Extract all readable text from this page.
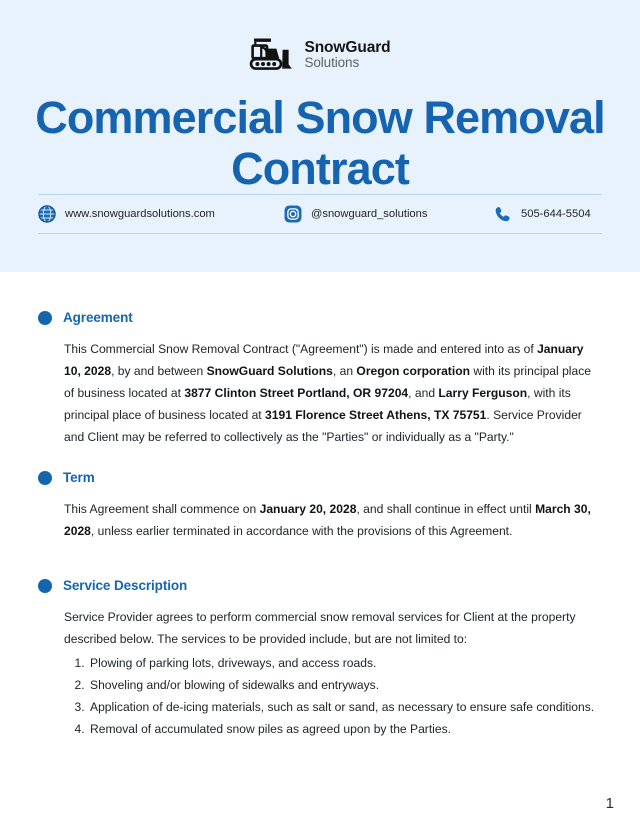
SnowGuard
Solutions
Commercial Snow Removal Contract
www.snowguardsolutions.com	@snowguard_solutions	505-644-5504
Agreement
This Commercial Snow Removal Contract ("Agreement") is made and entered into as of January 10, 2028, by and between SnowGuard Solutions, an Oregon corporation with its principal place of business located at 3877 Clinton Street Portland, OR 97204, and Larry Ferguson, with its principal place of business located at 3191 Florence Street Athens, TX 75751. Service Provider and Client may be referred to collectively as the "Parties" or individually as a "Party."
Term
This Agreement shall commence on January 20, 2028, and shall continue in effect until March 30, 2028, unless earlier terminated in accordance with the provisions of this Agreement.
Service Description
Service Provider agrees to perform commercial snow removal services for Client at the property described below. The services to be provided include, but are not limited to:
1. Plowing of parking lots, driveways, and access roads.
2. Shoveling and/or blowing of sidewalks and entryways.
3. Application of de-icing materials, such as salt or sand, as necessary to ensure safe conditions.
4. Removal of accumulated snow piles as agreed upon by the Parties.
1
